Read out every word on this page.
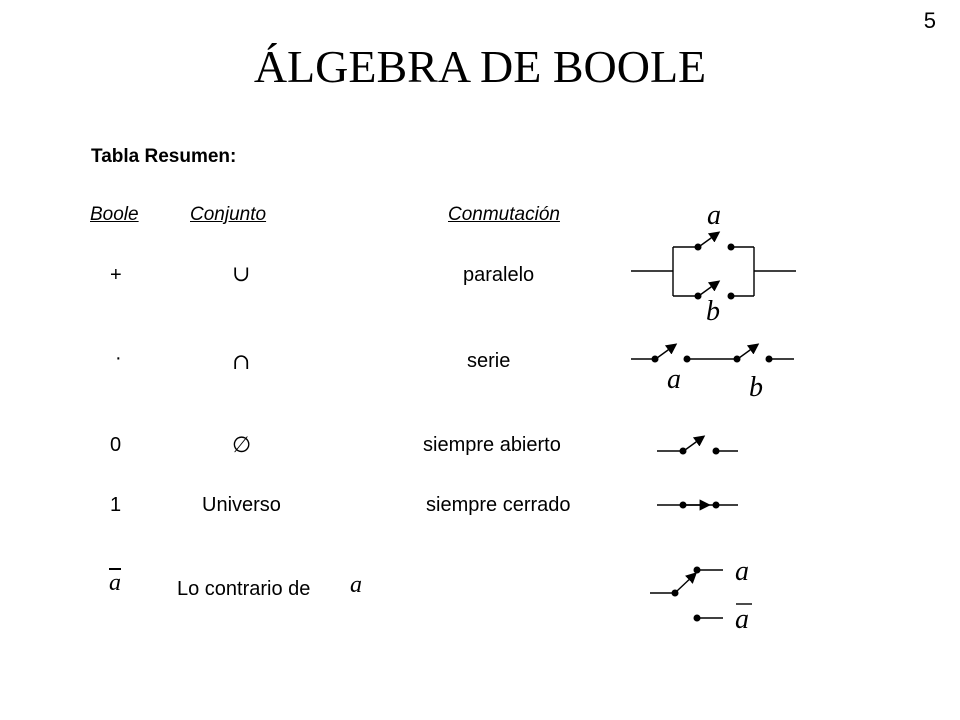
5
ÁLGEBRA DE BOOLE
Tabla Resumen:
Boole	Conjunto	Conmutación
+	∪	paralelo
·	∩	serie
0	∅	siempre abierto
1	Universo	siempre cerrado
$\overline{a}$	Lo contrario de a
a
b
a b
a
a
